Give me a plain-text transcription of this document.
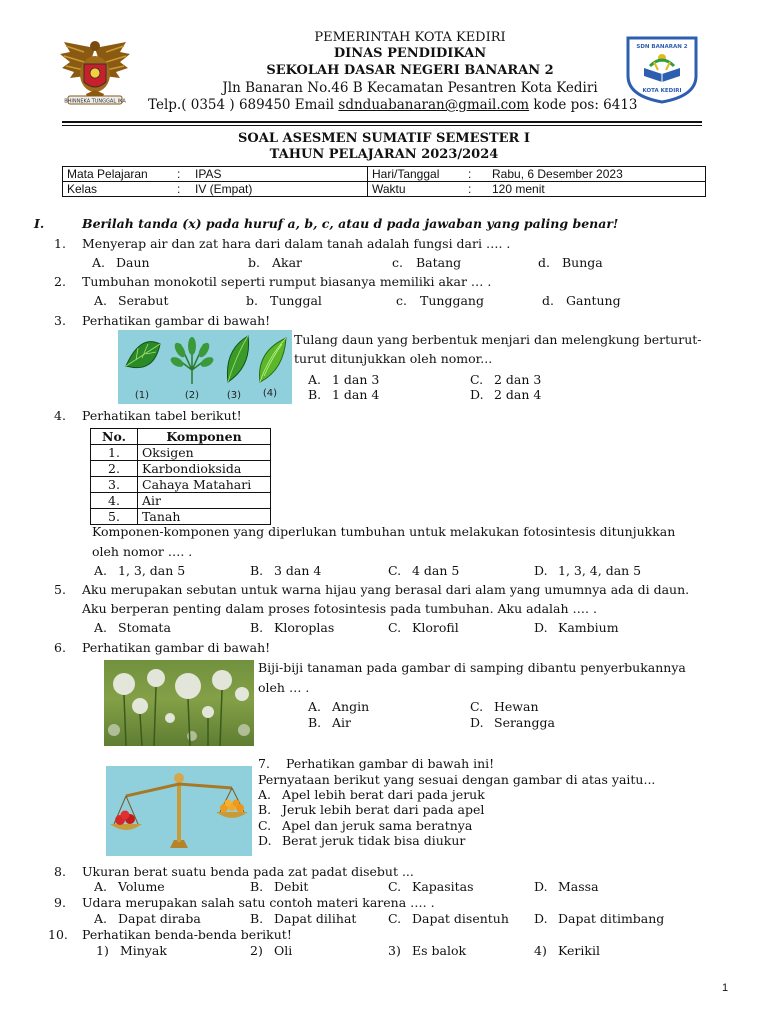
BHINNEKA TUNGGAL IKA
SDN BANARAN 2
KOTA KEDIRI
PEMERINTAH KOTA KEDIRI
DINAS PENDIDIKAN
SEKOLAH DASAR NEGERI BANARAN 2
Jln Banaran No.46 B Kecamatan Pesantren Kota Kediri
Telp.( 0354 ) 689450 Email sdnduabanaran@gmail.com kode pos: 6413
SOAL ASESMEN SUMATIF SEMESTER I
TAHUN PELAJARAN 2023/2024
Mata Pelajaran : IPAS	Hari/Tanggal : Rabu, 6 Desember 2023
Kelas : IV (Empat)	Waktu : 120 menit
I.	Berilah tanda (x) pada huruf a, b, c, atau d pada jawaban yang paling benar!
1. Menyerap air dan zat hara dari dalam tanah adalah fungsi dari …. .
A. Daun	b. Akar	c. Batang	d. Bunga
2. Tumbuhan monokotil seperti rumput biasanya memiliki akar … .
A. Serabut	b. Tunggal	c. Tunggang	d. Gantung
3. Perhatikan gambar di bawah!
(1)	(2)	(3) (4)
Tulang daun yang berbentuk menjari dan melengkung berturut-
turut ditunjukkan oleh nomor...
A. 1 dan 3	C. 2 dan 3
B. 1 dan 4	D. 2 dan 4
4. Perhatikan tabel berikut!
No.	Komponen
1.	Oksigen
2.	Karbondioksida
3.	Cahaya Matahari
4.	Air
5.	Tanah
Komponen-komponen yang diperlukan tumbuhan untuk melakukan fotosintesis ditunjukkan
oleh nomor …. .
A. 1, 3, dan 5	B. 3 dan 4	C. 4 dan 5	D. 1, 3, 4, dan 5
5. Aku merupakan sebutan untuk warna hijau yang berasal dari alam yang umumnya ada di daun.
Aku berperan penting dalam proses fotosintesis pada tumbuhan. Aku adalah …. .
A. Stomata	B. Kloroplas	C. Klorofil	D. Kambium
6. Perhatikan gambar di bawah!
Biji-biji tanaman pada gambar di samping dibantu penyerbukannya
oleh … .
A. Angin	C. Hewan
B. Air	D. Serangga
7. Perhatikan gambar di bawah ini!
Pernyataan berikut yang sesuai dengan gambar di atas yaitu...
A. Apel lebih berat dari pada jeruk
B. Jeruk lebih berat dari pada apel
C. Apel dan jeruk sama beratnya
D. Berat jeruk tidak bisa diukur
8. Ukuran berat suatu benda pada zat padat disebut ...
A. Volume	B. Debit	C. Kapasitas	D. Massa
9. Udara merupakan salah satu contoh materi karena …. .
A. Dapat diraba	B. Dapat dilihat	C. Dapat disentuh D. Dapat ditimbang
10. Perhatikan benda-benda berikut!
1) Minyak	2) Oli	3) Es balok	4) Kerikil
1
